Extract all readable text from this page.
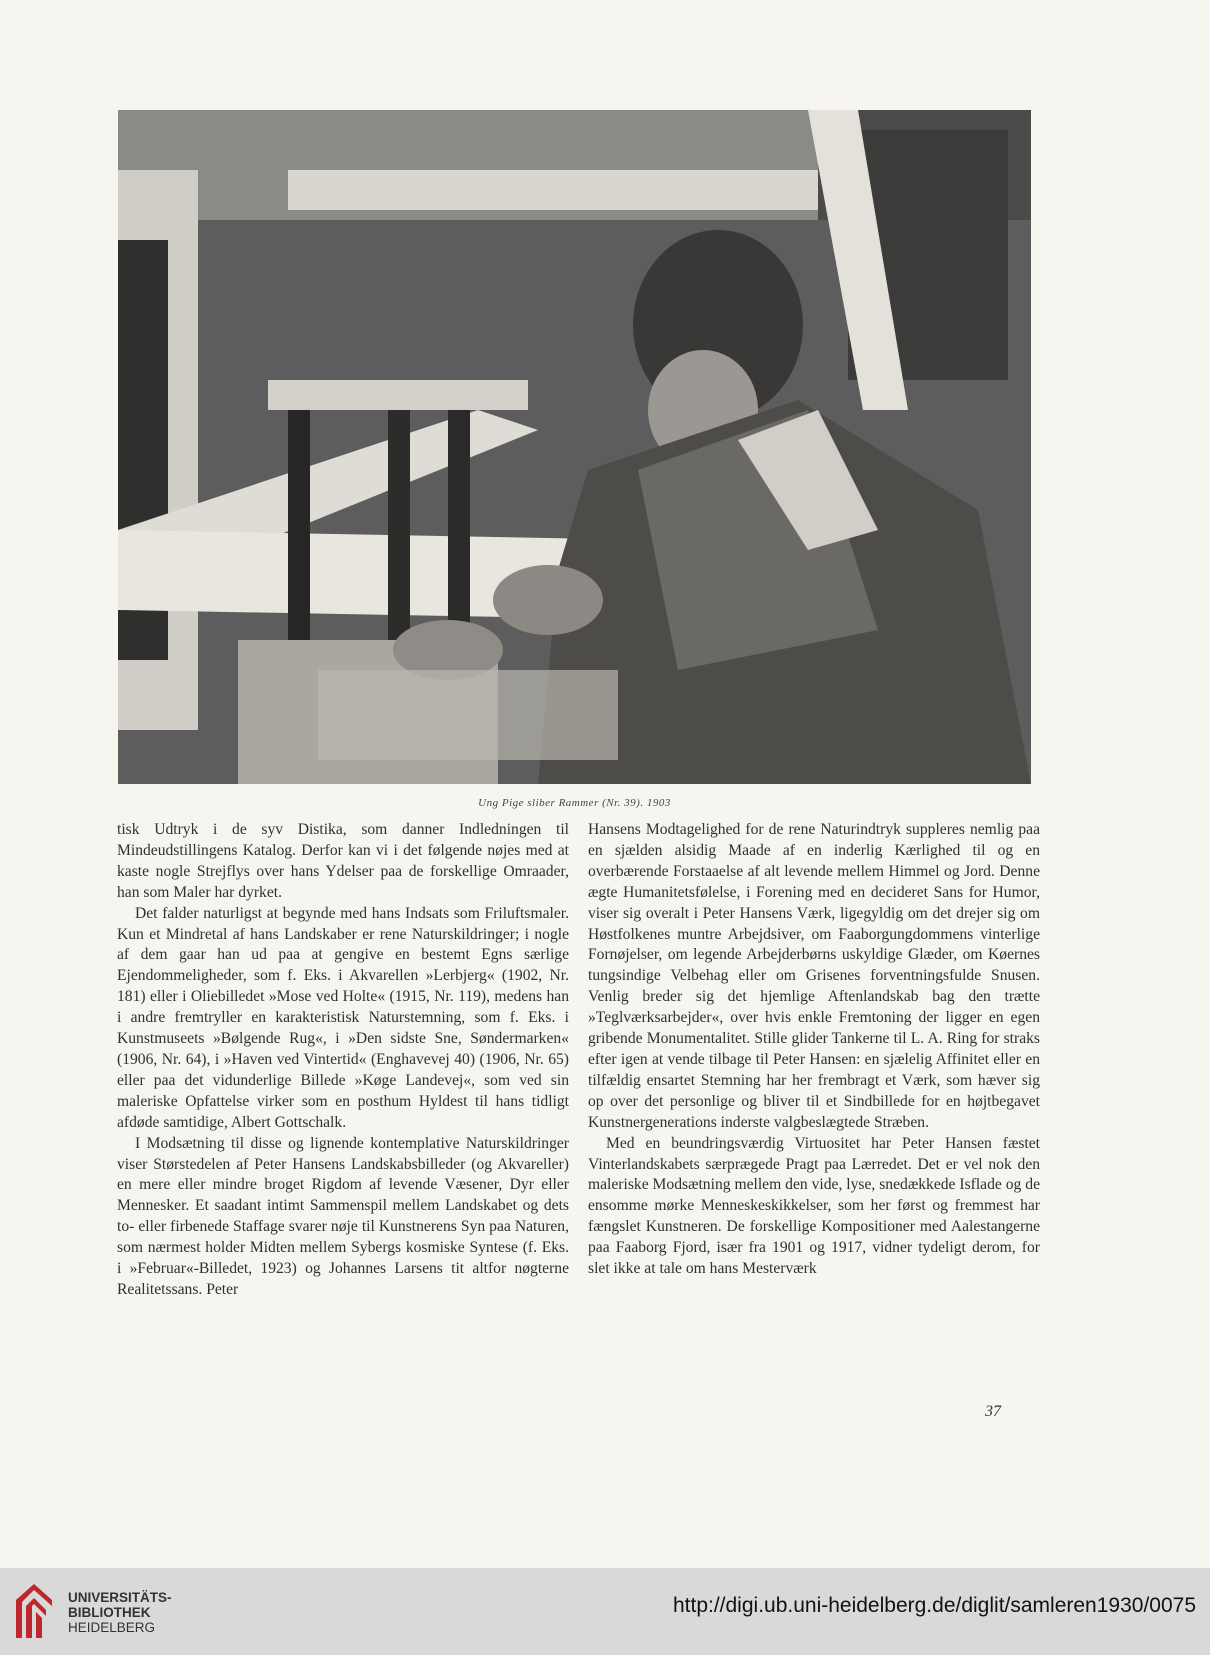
Ung Pige sliber Rammer (Nr. 39). 1903

tisk Udtryk i de syv Distika, som danner Indledningen til Mindeudstillingens Katalog. Derfor kan vi i det følgende nøjes med at kaste nogle Strejflys over hans Ydelser paa de forskellige Omraader, han som Maler har dyrket.

Det falder naturligst at begynde med hans Indsats som Friluftsmaler. Kun et Mindretal af hans Landskaber er rene Naturskildringer; i nogle af dem gaar han ud paa at gengive en bestemt Egns særlige Ejendommeligheder, som f. Eks. i Akvarellen »Lerbjerg« (1902, Nr. 181) eller i Oliebilledet »Mose ved Holte« (1915, Nr. 119), medens han i andre fremtryller en karakteristisk Naturstemning, som f. Eks. i Kunstmuseets »Bølgende Rug«, i »Den sidste Sne, Søndermarken« (1906, Nr. 64), i »Haven ved Vintertid« (Enghavevej 40) (1906, Nr. 65) eller paa det vidunderlige Billede »Køge Landevej«, som ved sin maleriske Opfattelse virker som en posthum Hyldest til hans tidligt afdøde samtidige, Albert Gottschalk.

I Modsætning til disse og lignende kontemplative Naturskildringer viser Størstedelen af Peter Hansens Landskabsbilleder (og Akvareller) en mere eller mindre broget Rigdom af levende Væsener, Dyr eller Mennesker. Et saadant intimt Sammenspil mellem Landskabet og dets to- eller firbenede Staffage svarer nøje til Kunstnerens Syn paa Naturen, som nærmest holder Midten mellem Sybergs kosmiske Syntese (f. Eks. i »Februar«-Billedet, 1923) og Johannes Larsens tit altfor nøgterne Realitetssans. Peter

Hansens Modtagelighed for de rene Naturindtryk suppleres nemlig paa en sjælden alsidig Maade af en inderlig Kærlighed til og en overbærende Forstaaelse af alt levende mellem Himmel og Jord. Denne ægte Humanitetsfølelse, i Forening med en decideret Sans for Humor, viser sig overalt i Peter Hansens Værk, ligegyldig om det drejer sig om Høstfolkenes muntre Arbejdsiver, om Faaborgungdommens vinterlige Fornøjelser, om legende Arbejderbørns uskyldige Glæder, om Køernes tungsindige Velbehag eller om Grisenes forventningsfulde Snusen. Venlig breder sig det hjemlige Aftenlandskab bag den trætte »Teglværksarbejder«, over hvis enkle Fremtoning der ligger en egen gribende Monumentalitet. Stille glider Tankerne til L. A. Ring for straks efter igen at vende tilbage til Peter Hansen: en sjælelig Affinitet eller en tilfældig ensartet Stemning har her frembragt et Værk, som hæver sig op over det personlige og bliver til et Sindbillede for en højtbegavet Kunstnergenerations inderste valgbeslægtede Stræben.

Med en beundringsværdig Virtuositet har Peter Hansen fæstet Vinterlandskabets særprægede Pragt paa Lærredet. Det er vel nok den maleriske Modsætning mellem den vide, lyse, snedækkede Isflade og de ensomme mørke Menneskeskikkelser, som her først og fremmest har fængslet Kunstneren. De forskellige Kompositioner med Aalestangerne paa Faaborg Fjord, især fra 1901 og 1917, vidner tydeligt derom, for slet ikke at tale om hans Mesterværk

37
UNIVERSITÄTS-
BIBLIOTHEK
HEIDELBERG
http://digi.ub.uni-heidelberg.de/diglit/samleren1930/0075
